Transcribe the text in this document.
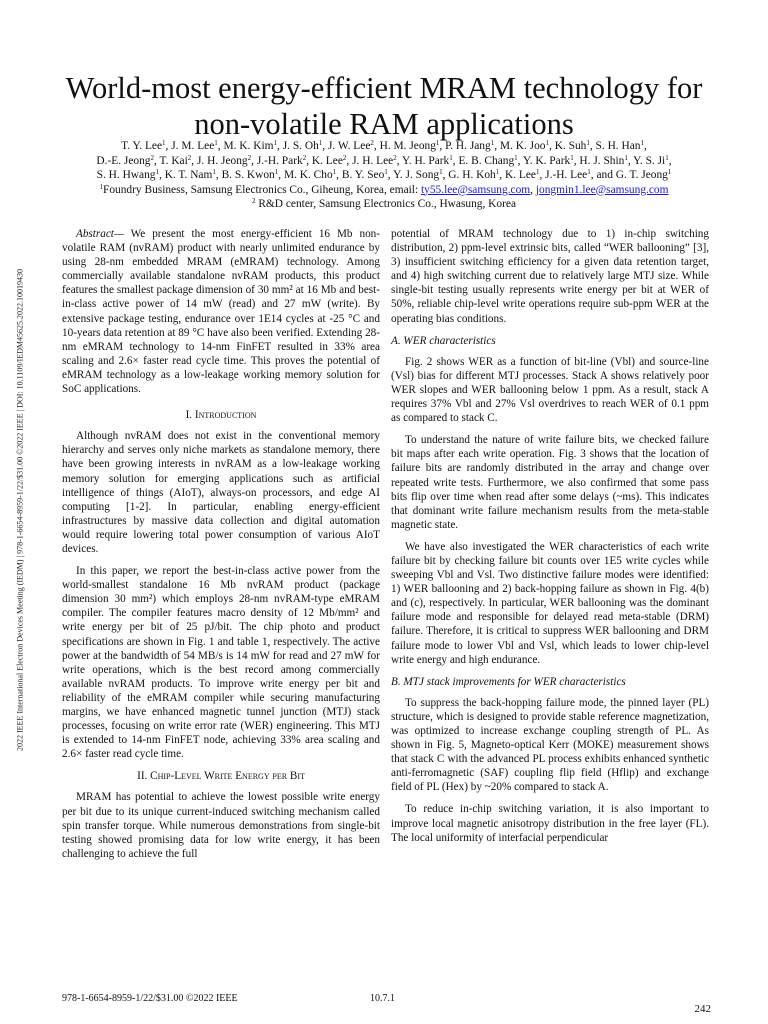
2022 IEEE International Electron Devices Meeting (IEDM) | 978-1-6654-8959-1/22/$31.00 ©2022 IEEE | DOI: 10.1109/IEDM45625.2022.10019430
World-most energy-efficient MRAM technology for
non-volatile RAM applications
T. Y. Lee$^1$, J. M. Lee$^1$, M. K. Kim$^1$, J. S. Oh$^1$, J. W. Lee$^2$, H. M. Jeong$^1$, P. H. Jang$^1$, M. K. Joo$^1$, K. Suh$^1$, S. H. Han$^1$,
D.-E. Jeong$^2$, T. Kai$^2$, J. H. Jeong$^2$, J.-H. Park$^2$, K. Lee$^2$, J. H. Lee$^2$, Y. H. Park$^1$, E. B. Chang$^1$, Y. K. Park$^1$, H. J. Shin$^1$, Y. S. Ji$^1$,
S. H. Hwang$^1$, K. T. Nam$^1$, B. S. Kwon$^1$, M. K. Cho$^1$, B. Y. Seo$^1$, Y. J. Song$^1$, G. H. Koh$^1$, K. Lee$^1$, J.-H. Lee$^1$, and G. T. Jeong$^1$
$^1$Foundry Business, Samsung Electronics Co., Giheung, Korea, email: ty55.lee@samsung.com, jongmin1.lee@samsung.com
$^2$ R&D center, Samsung Electronics Co., Hwasung, Korea

Abstract— We present the most energy-efficient 16 Mb non-volatile RAM (nvRAM) product with nearly unlimited endurance by using 28-nm embedded MRAM (eMRAM) technology. Among commercially available standalone nvRAM products, this product features the smallest package dimension of 30 mm² at 16 Mb and best-in-class active power of 14 mW (read) and 27 mW (write). By extensive package testing, endurance over 1E14 cycles at -25 °C and 10-years data retention at 89 °C have also been verified. Extending 28-nm eMRAM technology to 14-nm FinFET resulted in 33% area scaling and 2.6× faster read cycle time. This proves the potential of eMRAM technology as a low-leakage working memory solution for SoC applications.

I. Introduction

Although nvRAM does not exist in the conventional memory hierarchy and serves only niche markets as standalone memory, there have been growing interests in nvRAM as a low-leakage working memory solution for emerging applications such as artificial intelligence of things (AIoT), always-on processors, and edge AI computing [1-2]. In particular, enabling energy-efficient infrastructures by massive data collection and digital automation would require lowering total power consumption of various AIoT devices.

In this paper, we report the best-in-class active power from the world-smallest standalone 16 Mb nvRAM product (package dimension 30 mm²) which employs 28-nm nvRAM-type eMRAM compiler. The compiler features macro density of 12 Mb/mm² and write energy per bit of 25 pJ/bit. The chip photo and product specifications are shown in Fig. 1 and table 1, respectively. The active power at the bandwidth of 54 MB/s is 14 mW for read and 27 mW for write operations, which is the best record among commercially available nvRAM products. To improve write energy per bit and reliability of the eMRAM compiler while securing manufacturing margins, we have enhanced magnetic tunnel junction (MTJ) stack processes, focusing on write error rate (WER) engineering. This MTJ is extended to 14-nm FinFET node, achieving 33% area scaling and 2.6× faster read cycle time.

II. Chip-Level Write Energy per Bit

MRAM has potential to achieve the lowest possible write energy per bit due to its unique current-induced switching mechanism called spin transfer torque. While numerous demonstrations from single-bit testing showed promising data for low write energy, it has been challenging to achieve the full

potential of MRAM technology due to 1) in-chip switching distribution, 2) ppm-level extrinsic bits, called “WER ballooning” [3], 3) insufficient switching efficiency for a given data retention target, and 4) high switching current due to relatively large MTJ size. While single-bit testing usually represents write energy per bit at WER of 50%, reliable chip-level write operations require sub-ppm WER at the operating bias conditions.

A. WER characteristics

Fig. 2 shows WER as a function of bit-line (Vbl) and source-line (Vsl) bias for different MTJ processes. Stack A shows relatively poor WER slopes and WER ballooning below 1 ppm. As a result, stack A requires 37% Vbl and 27% Vsl overdrives to reach WER of 0.1 ppm as compared to stack C.

To understand the nature of write failure bits, we checked failure bit maps after each write operation. Fig. 3 shows that the location of failure bits are randomly distributed in the array and change over repeated write tests. Furthermore, we also confirmed that some pass bits flip over time when read after some delays (~ms). This indicates that dominant write failure mechanism results from the meta-stable magnetic state.

We have also investigated the WER characteristics of each write failure bit by checking failure bit counts over 1E5 write cycles while sweeping Vbl and Vsl. Two distinctive failure modes were identified: 1) WER ballooning and 2) back-hopping failure as shown in Fig. 4(b) and (c), respectively. In particular, WER ballooning was the dominant failure mode and responsible for delayed read meta-stable (DRM) failure. Therefore, it is critical to suppress WER ballooning and DRM failure mode to lower Vbl and Vsl, which leads to lower chip-level write energy and high endurance.

B. MTJ stack improvements for WER characteristics

To suppress the back-hopping failure mode, the pinned layer (PL) structure, which is designed to provide stable reference magnetization, was optimized to increase exchange coupling strength of PL. As shown in Fig. 5, Magneto-optical Kerr (MOKE) measurement shows that stack C with the advanced PL process exhibits enhanced synthetic anti-ferromagnetic (SAF) coupling flip field (Hflip) and exchange field of PL (Hex) by ~20% compared to stack A.

To reduce in-chip switching variation, it is also important to improve local magnetic anisotropy distribution in the free layer (FL). The local uniformity of interfacial perpendicular

978-1-6654-8959-1/22/$31.00 ©2022 IEEE	10.7.1
242
